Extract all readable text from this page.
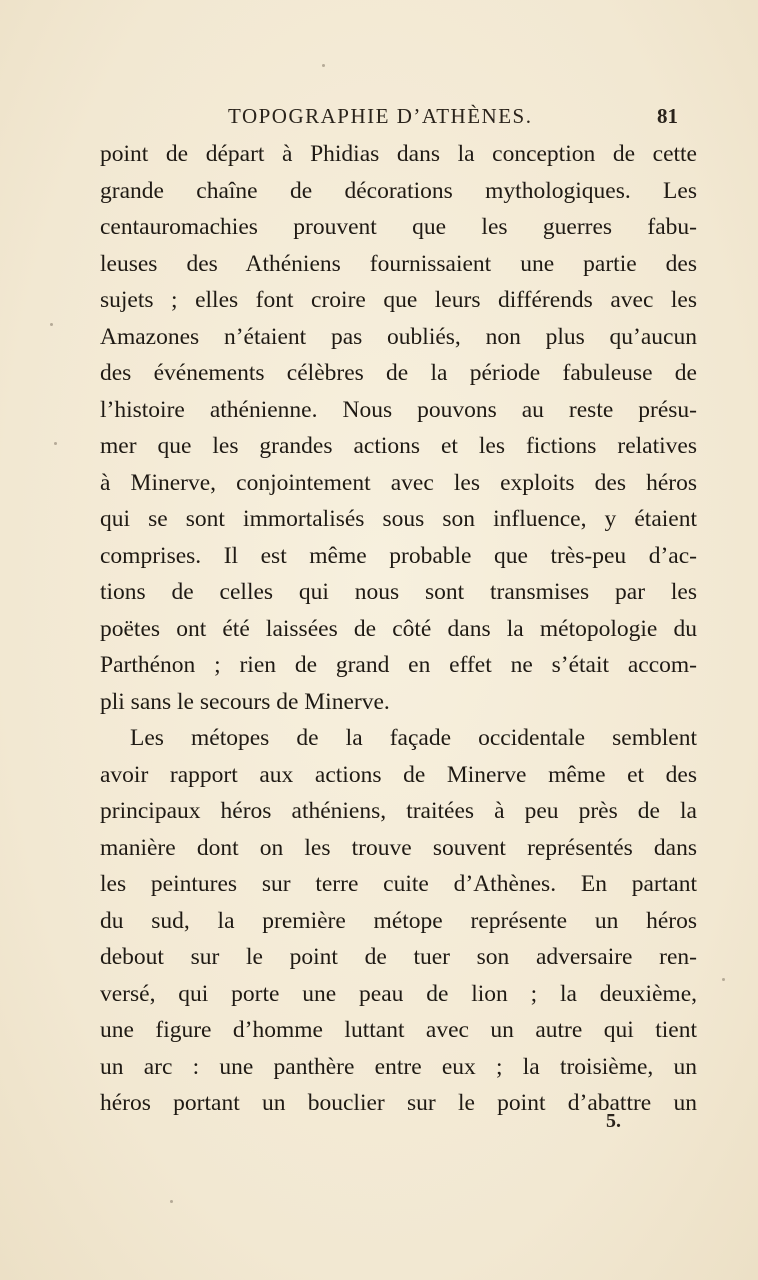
TOPOGRAPHIE D’ATHÈNES.	81
point de départ à Phidias dans la conception de cette
grande chaîne de décorations mythologiques. Les
centauromachies prouvent que les guerres fabu-
leuses des Athéniens fournissaient une partie des
sujets ; elles font croire que leurs différends avec les
Amazones n’étaient pas oubliés, non plus qu’aucun
des événements célèbres de la période fabuleuse de
l’histoire athénienne. Nous pouvons au reste présu-
mer que les grandes actions et les fictions relatives
à Minerve, conjointement avec les exploits des héros
qui se sont immortalisés sous son influence, y étaient
comprises. Il est même probable que très-peu d’ac-
tions de celles qui nous sont transmises par les
poëtes ont été laissées de côté dans la métopologie du
Parthénon ; rien de grand en effet ne s’était accom-
pli sans le secours de Minerve.
Les métopes de la façade occidentale semblent
avoir rapport aux actions de Minerve même et des
principaux héros athéniens, traitées à peu près de la
manière dont on les trouve souvent représentés dans
les peintures sur terre cuite d’Athènes. En partant
du sud, la première métope représente un héros
debout sur le point de tuer son adversaire ren-
versé, qui porte une peau de lion ; la deuxième,
une figure d’homme luttant avec un autre qui tient
un arc : une panthère entre eux ; la troisième, un
héros portant un bouclier sur le point d’abattre un
5.
